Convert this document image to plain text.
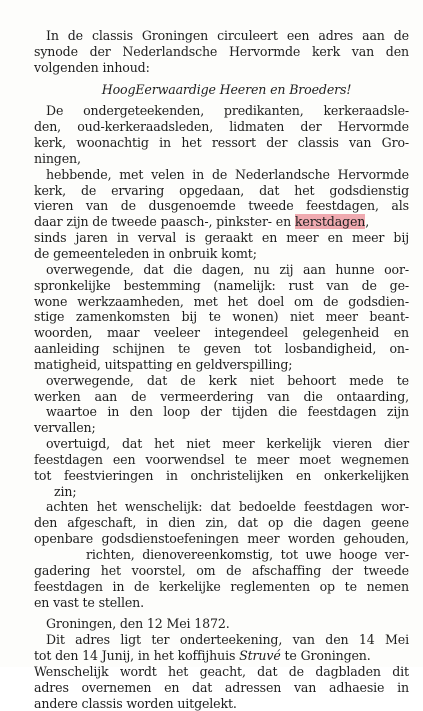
In de classis Groningen circuleert een adres aan de
synode der Nederlandsche Hervormde kerk van den
volgenden inhoud:
HoogEerwaardige Heeren en Broeders!
De ondergeteekenden, predikanten, kerkeraadsle-
den, oud-kerkeraadsleden, lidmaten der Hervormde
kerk, woonachtig in het ressort der classis van Gro-
ningen,
hebbende, met velen in de Nederlandsche Hervormde
kerk, de ervaring opgedaan, dat het godsdienstig
vieren van de dusgenoemde tweede feestdagen, als
daar zijn de tweede paasch-, pinkster- en kerstdagen,
sinds jaren in verval is geraakt en meer en meer bij
de gemeenteleden in onbruik komt;
overwegende, dat die dagen, nu zij aan hunne oor-
spronkelijke bestemming (namelijk: rust van de ge-
wone werkzaamheden, met het doel om de godsdien-
stige zamenkomsten bij te wonen) niet meer beant-
woorden, maar veeleer integendeel gelegenheid en
aanleiding schijnen te geven tot losbandigheid, on-
matigheid, uitspatting en geldverspilling;
overwegende, dat de kerk niet behoort mede te
werken aan de vermeerdering van die ontaarding,
waartoe in den loop der tijden die feestdagen zijn
vervallen;
overtuigd, dat het niet meer kerkelijk vieren dier
feestdagen een voorwendsel te meer moet wegnemen
tot feestvieringen in onchristelijken en onkerkelijken
zin;
achten het wenschelijk: dat bedoelde feestdagen wor-
den afgeschaft, in dien zin, dat op die dagen geene
openbare godsdienstoefeningen meer worden gehouden,
richten, dienovereenkomstig, tot uwe hooge ver-
gadering het voorstel, om de afschaffing der tweede
feestdagen in de kerkelijke reglementen op te nemen
en vast te stellen.
Groningen, den 12 Mei 1872.
Dit adres ligt ter onderteekening, van den 14 Mei
tot den 14 Junij, in het koffijhuis Struvé te Groningen.
Wenschelijk wordt het geacht, dat de dagbladen dit
adres overnemen en dat adressen van adhaesie in
andere classis worden uitgelekt.
